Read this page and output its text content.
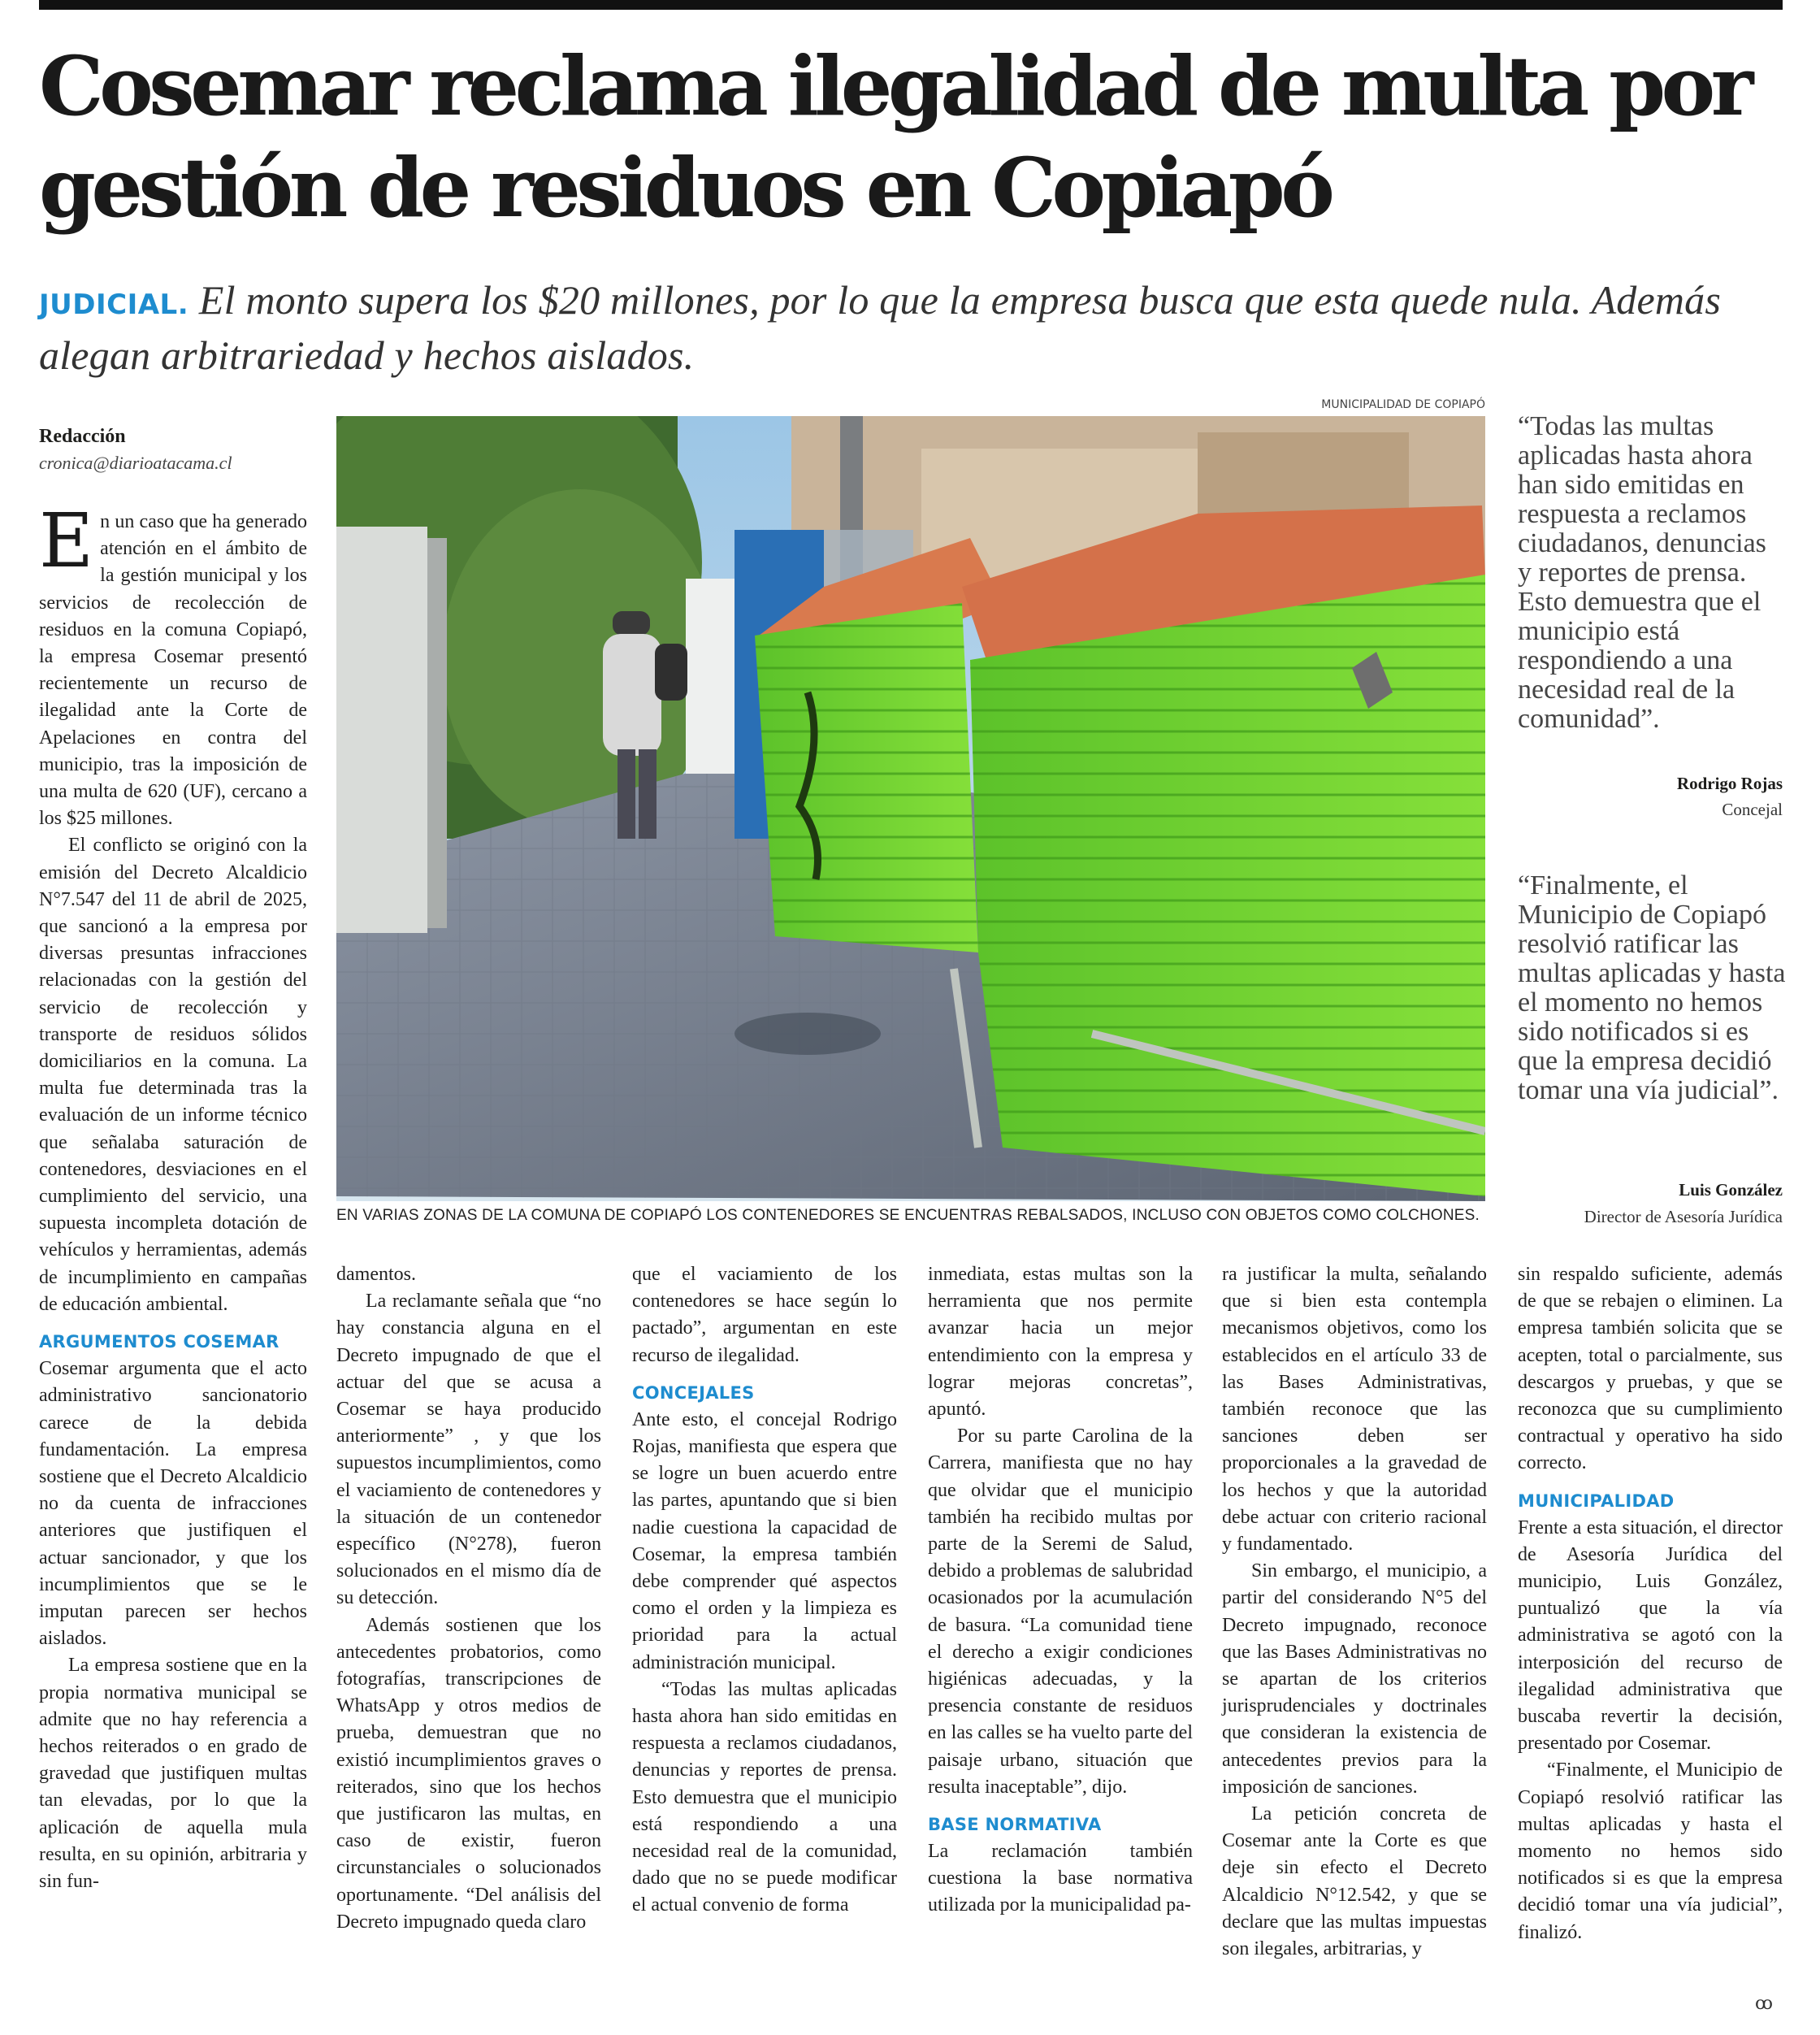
Cosemar reclama ilegalidad de multa por gestión de residuos en Copiapó
JUDICIAL. El monto supera los $20 millones, por lo que la empresa busca que esta quede nula. Además alegan arbitrariedad y hechos aislados.
Redacción
cronica@diarioatacama.cl

En un caso que ha generado atención en el ámbito de la gestión municipal y los servicios de recolección de residuos en la comuna Copiapó, la empresa Cosemar presentó recientemente un recurso de ilegalidad ante la Corte de Apelaciones en contra del municipio, tras la imposición de una multa de 620 (UF), cercano a los $25 millones.

El conflicto se originó con la emisión del Decreto Alcaldicio N°7.547 del 11 de abril de 2025, que sancionó a la empresa por diversas presuntas infracciones relacionadas con la gestión del servicio de recolección y transporte de residuos sólidos domiciliarios en la comuna. La multa fue determinada tras la evaluación de un informe técnico que señalaba saturación de contenedores, desviaciones en el cumplimiento del servicio, una supuesta incompleta dotación de vehículos y herramientas, además de incumplimiento en campañas de educación ambiental.

ARGUMENTOS COSEMAR

Cosemar argumenta que el acto administrativo sancionatorio carece de la debida fundamentación. La empresa sostiene que el Decreto Alcaldicio no da cuenta de infracciones anteriores que justifiquen el actuar sancionador, y que los incumplimientos que se le imputan parecen ser hechos aislados.

La empresa sostiene que en la propia normativa municipal se admite que no hay referencia a hechos reiterados o en grado de gravedad que justifiquen multas tan elevadas, por lo que la aplicación de aquella mula resulta, en su opinión, arbitraria y sin fun-

MUNICIPALIDAD DE COPIAPÓ
EN VARIAS ZONAS DE LA COMUNA DE COPIAPÓ LOS CONTENEDORES SE ENCUENTRAS REBALSADOS, INCLUSO CON OBJETOS COMO COLCHONES.
“Todas las multas aplicadas hasta ahora han sido emitidas en respuesta a reclamos ciudadanos, denuncias y reportes de prensa. Esto demuestra que el municipio está respondiendo a una necesidad real de la comunidad”.
Rodrigo Rojas
Concejal
“Finalmente, el Municipio de Copiapó resolvió ratificar las multas aplicadas y hasta el momento no hemos sido notificados si es que la empresa decidió tomar una vía judicial”.
Luis González
Director de Asesoría Jurídica

damentos.

La reclamante señala que “no hay constancia alguna en el Decreto impugnado de que el actuar del que se acusa a Cosemar se haya producido anteriormente” , y que los supuestos incumplimientos, como el vaciamiento de contenedores y la situación de un contenedor específico (N°278), fueron solucionados en el mismo día de su detección.

Además sostienen que los antecedentes probatorios, como fotografías, transcripciones de WhatsApp y otros medios de prueba, demuestran que no existió incumplimientos graves o reiterados, sino que los hechos que justificaron las multas, en caso de existir, fueron circunstanciales o solucionados oportunamente. “Del análisis del Decreto impugnado queda claro

que el vaciamiento de los contenedores se hace según lo pactado”, argumentan en este recurso de ilegalidad.

CONCEJALES

Ante esto, el concejal Rodrigo Rojas, manifiesta que espera que se logre un buen acuerdo entre las partes, apuntando que si bien nadie cuestiona la capacidad de Cosemar, la empresa también debe comprender qué aspectos como el orden y la limpieza es prioridad para la actual administración municipal.

“Todas las multas aplicadas hasta ahora han sido emitidas en respuesta a reclamos ciudadanos, denuncias y reportes de prensa. Esto demuestra que el municipio está respondiendo a una necesidad real de la comunidad, dado que no se puede modificar el actual convenio de forma

inmediata, estas multas son la herramienta que nos permite avanzar hacia un mejor entendimiento con la empresa y lograr mejoras concretas”, apuntó.

Por su parte Carolina de la Carrera, manifiesta que no hay que olvidar que el municipio también ha recibido multas por parte de la Seremi de Salud, debido a problemas de salubridad ocasionados por la acumulación de basura. “La comunidad tiene el derecho a exigir condiciones higiénicas adecuadas, y la presencia constante de residuos en las calles se ha vuelto parte del paisaje urbano, situación que resulta inaceptable”, dijo.

BASE NORMATIVA

La reclamación también cuestiona la base normativa utilizada por la municipalidad pa-

ra justificar la multa, señalando que si bien esta contempla mecanismos objetivos, como los establecidos en el artículo 33 de las Bases Administrativas, también reconoce que las sanciones deben ser proporcionales a la gravedad de los hechos y que la autoridad debe actuar con criterio racional y fundamentado.

Sin embargo, el municipio, a partir del considerando N°5 del Decreto impugnado, reconoce que las Bases Administrativas no se apartan de los criterios jurisprudenciales y doctrinales que consideran la existencia de antecedentes previos para la imposición de sanciones.

La petición concreta de Cosemar ante la Corte es que deje sin efecto el Decreto Alcaldicio N°12.542, y que se declare que las multas impuestas son ilegales, arbitrarias, y

sin respaldo suficiente, además de que se rebajen o eliminen. La empresa también solicita que se acepten, total o parcialmente, sus descargos y pruebas, y que se reconozca que su cumplimiento contractual y operativo ha sido correcto.

MUNICIPALIDAD

Frente a esta situación, el director de Asesoría Jurídica del municipio, Luis González, puntualizó que la vía administrativa se agotó con la interposición del recurso de ilegalidad administrativa que buscaba revertir la decisión, presentado por Cosemar.

“Finalmente, el Municipio de Copiapó resolvió ratificar las multas aplicadas y hasta el momento no hemos sido notificados si es que la empresa decidió tomar una vía judicial”, finalizó.

ꝏ
